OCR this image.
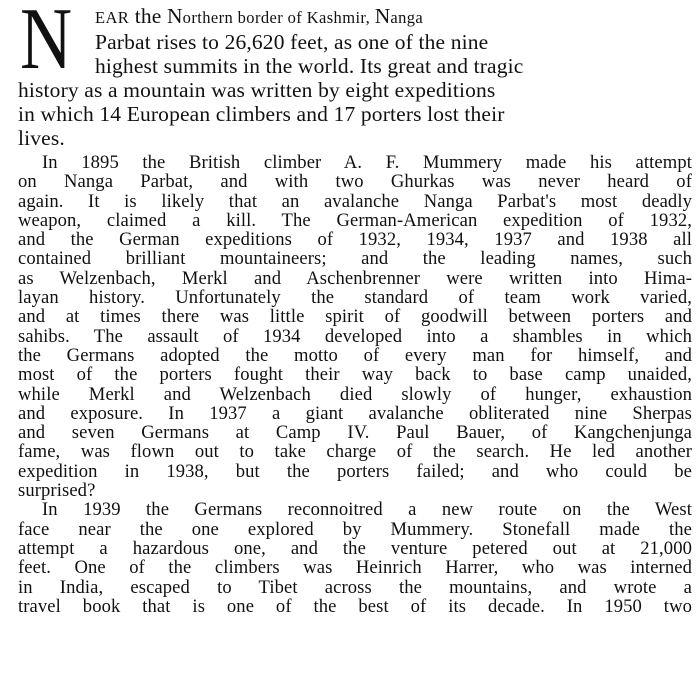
N	EAR the Northern border of Kashmir, Nanga
Parbat rises to 26,620 feet, as one of the nine
highest summits in the world. Its great and tragic
history as a mountain was written by eight expeditions
in which 14 European climbers and 17 porters lost their
lives.

In 1895 the British climber A. F. Mummery made his attempt
on Nanga Parbat, and with two Ghurkas was never heard of
again. It is likely that an avalanche Nanga Parbat's most deadly
weapon, claimed a kill. The German-American expedition of 1932,
and the German expeditions of 1932, 1934, 1937 and 1938 all
contained brilliant mountaineers; and the leading names, such
as Welzenbach, Merkl and Aschenbrenner were written into Hima-
layan history. Unfortunately the standard of team work varied,
and at times there was little spirit of goodwill between porters and
sahibs. The assault of 1934 developed into a shambles in which
the Germans adopted the motto of every man for himself, and
most of the porters fought their way back to base camp unaided,
while Merkl and Welzenbach died slowly of hunger, exhaustion
and exposure. In 1937 a giant avalanche obliterated nine Sherpas
and seven Germans at Camp IV. Paul Bauer, of Kangchenjunga
fame, was flown out to take charge of the search. He led another
expedition in 1938, but the porters failed; and who could be
surprised?

In 1939 the Germans reconnoitred a new route on the West
face near the one explored by Mummery. Stonefall made the
attempt a hazardous one, and the venture petered out at 21,000
feet. One of the climbers was Heinrich Harrer, who was interned
in India, escaped to Tibet across the mountains, and wrote a
travel book that is one of the best of its decade. In 1950 two
